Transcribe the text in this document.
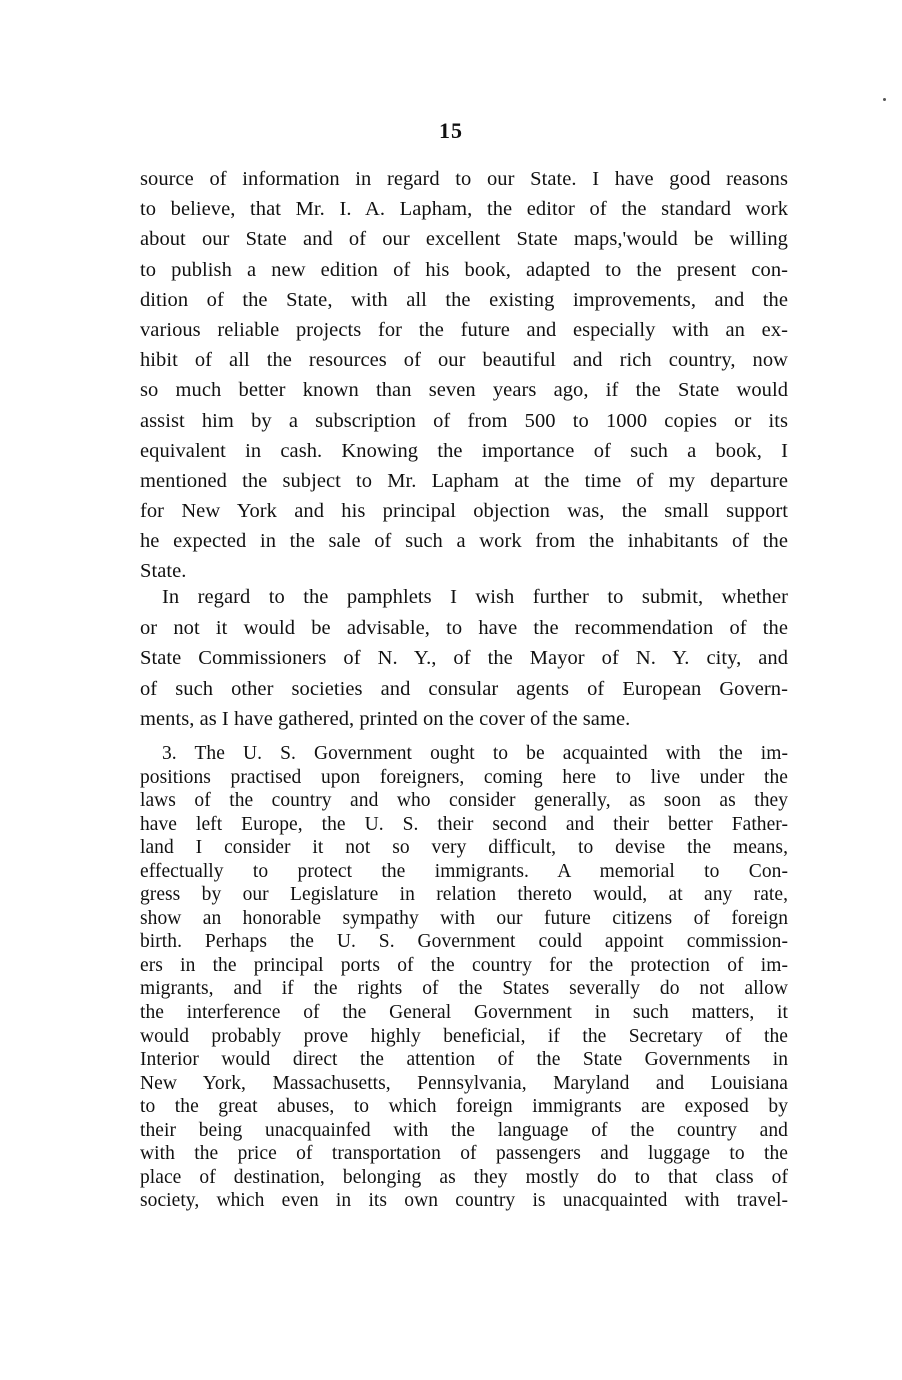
15
source of information in regard to our State. I have good reasons
to believe, that Mr. I. A. Lapham, the editor of the standard work
about our State and of our excellent State maps,'would be willing
to publish a new edition of his book, adapted to the present con-
dition of the State, with all the existing improvements, and the
various reliable projects for the future and especially with an ex-
hibit of all the resources of our beautiful and rich country, now
so much better known than seven years ago, if the State would
assist him by a subscription of from 500 to 1000 copies or its
equivalent in cash. Knowing the importance of such a book, I
mentioned the subject to Mr. Lapham at the time of my departure
for New York and his principal objection was, the small support
he expected in the sale of such a work from the inhabitants of the
State.
In regard to the pamphlets I wish further to submit, whether
or not it would be advisable, to have the recommendation of the
State Commissioners of N. Y., of the Mayor of N. Y. city, and
of such other societies and consular agents of European Govern-
ments, as I have gathered, printed on the cover of the same.
3. The U. S. Government ought to be acquainted with the im-
positions practised upon foreigners, coming here to live under the
laws of the country and who consider generally, as soon as they
have left Europe, the U. S. their second and their better Father-
land I consider it not so very difficult, to devise the means,
effectually to protect the immigrants. A memorial to Con-
gress by our Legislature in relation thereto would, at any rate,
show an honorable sympathy with our future citizens of foreign
birth. Perhaps the U. S. Government could appoint commission-
ers in the principal ports of the country for the protection of im-
migrants, and if the rights of the States severally do not allow
the interference of the General Government in such matters, it
would probably prove highly beneficial, if the Secretary of the
Interior would direct the attention of the State Governments in
New York, Massachusetts, Pennsylvania, Maryland and Louisiana
to the great abuses, to which foreign immigrants are exposed by
their being unacquainfed with the language of the country and
with the price of transportation of passengers and luggage to the
place of destination, belonging as they mostly do to that class of
society, which even in its own country is unacquainted with travel-
